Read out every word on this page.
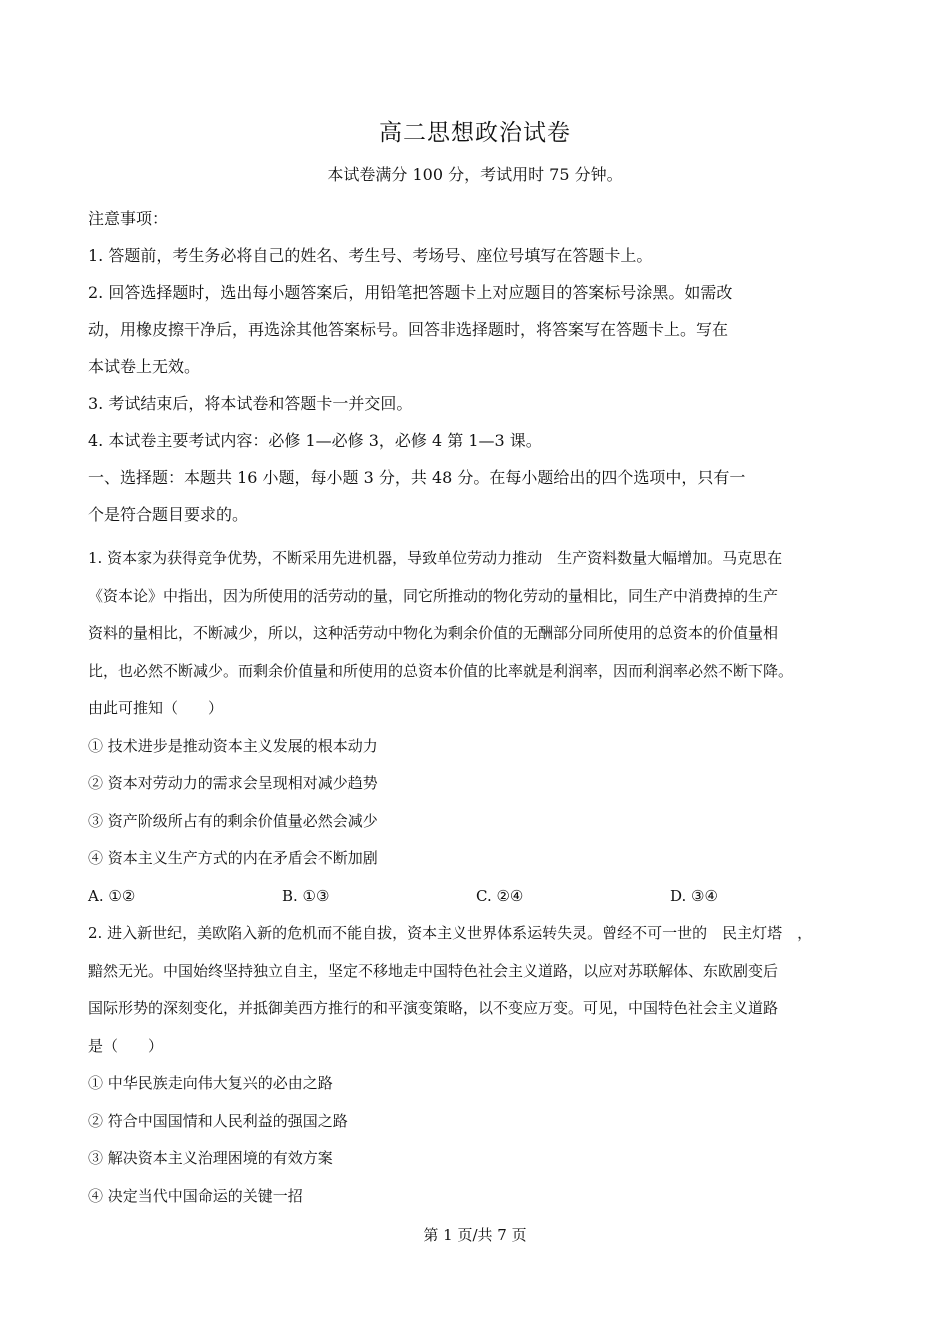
高二思想政治试卷
本试卷满分 100 分，考试用时 75 分钟。

注意事项：

1. 答题前，考生务必将自己的姓名、考生号、考场号、座位号填写在答题卡上。

2. 回答选择题时，选出每小题答案后，用铅笔把答题卡上对应题目的答案标号涂黑。如需改

动，用橡皮擦干净后，再选涂其他答案标号。回答非选择题时，将答案写在答题卡上。写在

本试卷上无效。

3. 考试结束后，将本试卷和答题卡一并交回。

4. 本试卷主要考试内容：必修 1—必修 3，必修 4 第 1—3 课。

一、选择题：本题共 16 小题，每小题 3 分，共 48 分。在每小题给出的四个选项中，只有一

个是符合题目要求的。

1. 资本家为获得竞争优势，不断采用先进机器，导致单位劳动力推动　生产资料数量大幅增加。马克思在

《资本论》中指出，因为所使用的活劳动的量，同它所推动的物化劳动的量相比，同生产中消费掉的生产

资料的量相比，不断减少，所以，这种活劳动中物化为剩余价值的无酬部分同所使用的总资本的价值量相

比，也必然不断减少。而剩余价值量和所使用的总资本价值的比率就是利润率，因而利润率必然不断下降。

由此可推知（　　）

① 技术进步是推动资本主义发展的根本动力

② 资本对劳动力的需求会呈现相对减少趋势

③ 资产阶级所占有的剩余价值量必然会减少

④ 资本主义生产方式的内在矛盾会不断加剧

A. ①②	B. ①③	C. ②④	D. ③④

2. 进入新世纪，美欧陷入新的危机而不能自拔，资本主义世界体系运转失灵。曾经不可一世的　民主灯塔　，

黯然无光。中国始终坚持独立自主，坚定不移地走中国特色社会主义道路，以应对苏联解体、东欧剧变后

国际形势的深刻变化，并抵御美西方推行的和平演变策略，以不变应万变。可见，中国特色社会主义道路

是（　　）

① 中华民族走向伟大复兴的必由之路

② 符合中国国情和人民利益的强国之路

③ 解决资本主义治理困境的有效方案

④ 决定当代中国命运的关键一招

第 1 页/共 7 页
